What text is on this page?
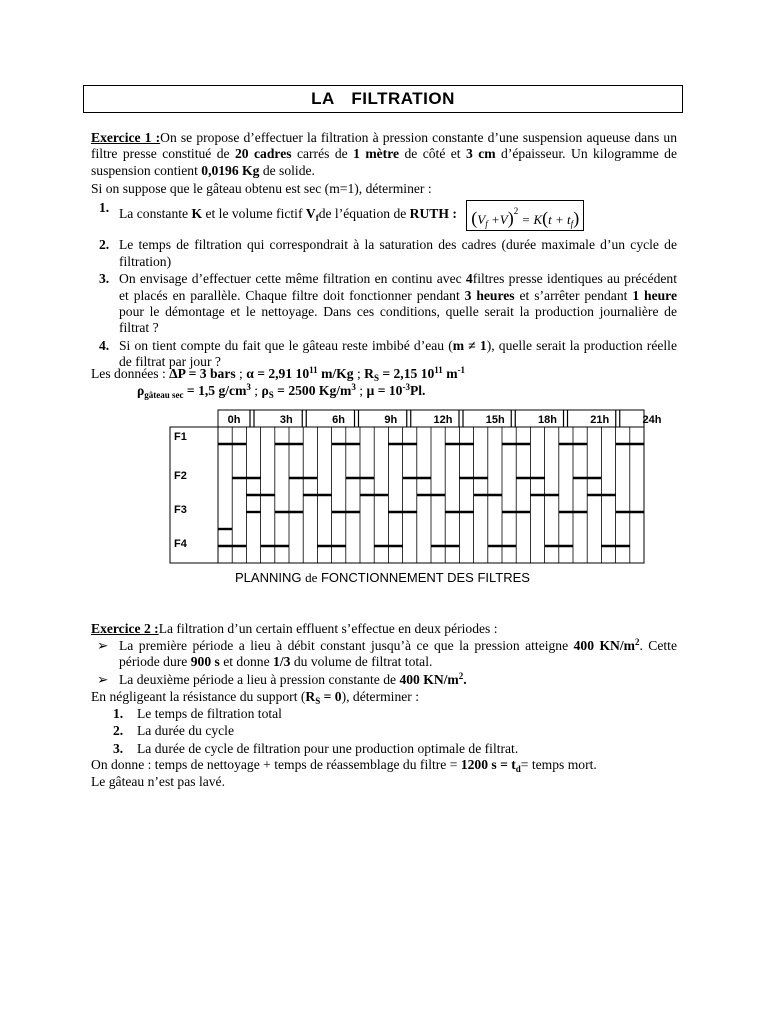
LA FILTRATION
Exercice 1 :On se propose d’effectuer la filtration à pression constante d’une suspension aqueuse dans un filtre presse constitué de 20 cadres carrés de 1 mètre de côté et 3 cm d’épaisseur. Un kilogramme de suspension contient 0,0196 Kg de solide.
Si on suppose que le gâteau obtenu est sec (m=1), déterminer :
1. La constante K et le volume fictif $V_fde$ l’équation de RUTH : $(V_f +V)^2 = K(t + t_f)$
2. Le temps de filtration qui correspondrait à la saturation des cadres (durée maximale d’un cycle de filtration)
3. On envisage d’effectuer cette même filtration en continu avec 4filtres presse identiques au précédent et placés en parallèle. Chaque filtre doit fonctionner pendant 3 heures et s’arrêter pendant 1 heure pour le démontage et le nettoyage. Dans ces conditions, quelle serait la production journalière de filtrat ?
4. Si on tient compte du fait que le gâteau reste imbibé d’eau (m ≠ 1), quelle serait la production réelle de filtrat par jour ?
Les données : ΔP = 3 bars ; α = 2,91 $10^{11}$ m/Kg ; $R_S = 2,15$ $10^{11}$ $m^{-1}$
$\rho_{gâteau sec} = 1,5$ $g/cm^3$ ; $\rho_S = 2500$ $Kg/m^3$ ; $\mu = 10^{-3}Pl$.
0h	3h	6h	9h	12h	15h	18h	21h	24h
F1
F2
F3
F4
PLANNING de FONCTIONNEMENT DES FILTRES
Exercice 2 :La filtration d’un certain effluent s’effectue en deux périodes :
➢ La première période a lieu à débit constant jusqu’à ce que la pression atteigne 400 $KN/m^2$. Cette période dure 900 s et donne 1/3 du volume de filtrat total.
➢ La deuxième période a lieu à pression constante de 400 $KN/m^2$.
En négligeant la résistance du support $(R_S = 0)$, déterminer :
1. Le temps de filtration total
2. La durée du cycle
3. La durée de cycle de filtration pour une production optimale de filtrat.
On donne : temps de nettoyage + temps de réassemblage du filtre = 1200 $s = t_d=$ temps mort.
Le gâteau n’est pas lavé.
